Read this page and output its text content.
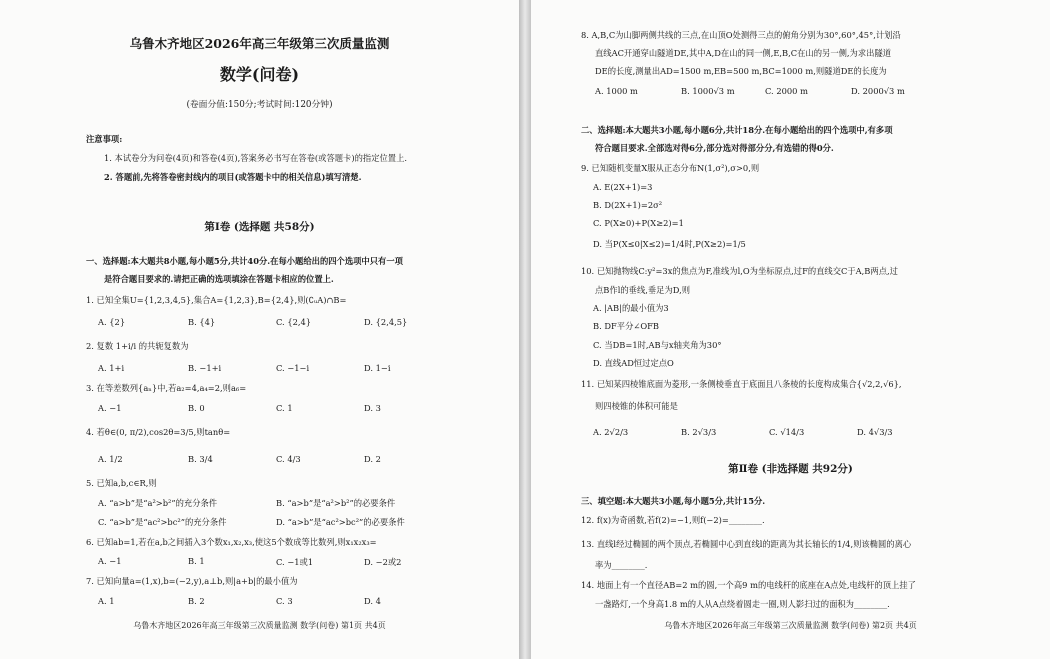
乌鲁木齐地区2026年高三年级第三次质量监测
数学(问卷)
(卷面分值:150分;考试时间:120分钟)
注意事项:
1. 本试卷分为问卷(4页)和答卷(4页),答案务必书写在答卷(或答题卡)的指定位置上.
2. 答题前,先将答卷密封线内的项目(或答题卡中的相关信息)填写清楚.
第Ⅰ卷 (选择题 共58分)
一、选择题:本大题共8小题,每小题5分,共计40分.在每小题给出的四个选项中只有一项
是符合题目要求的.请把正确的选项填涂在答题卡相应的位置上.
1. 已知全集U={1,2,3,4,5},集合A={1,2,3},B={2,4},则(∁ᵤA)∩B=
A. {2}	B. {4}	C. {2,4}	D. {2,4,5}
2. 复数 1+i/i 的共轭复数为
A. 1+i	B. −1+i	C. −1−i	D. 1−i
3. 在等差数列{aₙ}中,若a₂=4,a₄=2,则a₆=
A. −1	B. 0	C. 1	D. 3
4. 若θ∈(0, π/2),cos2θ=3/5,则tanθ=
A. 1/2	B. 3/4	C. 4/3	D. 2
5. 已知a,b,c∈R,则
A. “a>b”是“a²>b²”的充分条件	B. “a>b”是“a²>b²”的必要条件
C. “a>b”是“ac²>bc²”的充分条件	D. “a>b”是“ac²>bc²”的必要条件
6. 已知ab=1,若在a,b之间插入3个数x₁,x₂,x₃,使这5个数成等比数列,则x₁x₂x₃=
A. −1	B. 1	C. −1或1	D. −2或2
7. 已知向量a=(1,x),b=(−2,y),a⊥b,则|a+b|的最小值为
A. 1	B. 2	C. 3	D. 4
乌鲁木齐地区2026年高三年级第三次质量监测 数学(问卷) 第1页 共4页
8. A,B,C为山脚两侧共线的三点,在山顶O处测得三点的俯角分别为30°,60°,45°,计划沿
直线AC开通穿山隧道DE,其中A,D在山的同一侧,E,B,C在山的另一侧,为求出隧道
DE的长度,测量出AD=1500 m,EB=500 m,BC=1000 m,则隧道DE的长度为
A. 1000 m	B. 1000√3 m	C. 2000 m	D. 2000√3 m
二、选择题:本大题共3小题,每小题6分,共计18分.在每小题给出的四个选项中,有多项
符合题目要求.全部选对得6分,部分选对得部分分,有选错的得0分.
9. 已知随机变量X服从正态分布N(1,σ²),σ>0,则
A. E(2X+1)=3
B. D(2X+1)=2σ²
C. P(X≥0)+P(X≥2)=1
D. 当P(X≤0|X≤2)=1/4时,P(X≥2)=1/5
10. 已知抛物线C:y²=3x的焦点为F,准线为l,O为坐标原点,过F的直线交C于A,B两点,过
点B作l的垂线,垂足为D,则
A. |AB|的最小值为3
B. DF平分∠OFB
C. 当DB=1时,AB与x轴夹角为30°
D. 直线AD恒过定点O
11. 已知某四棱锥底面为菱形,一条侧棱垂直于底面且八条棱的长度构成集合{√2,2,√6},
则四棱锥的体积可能是
A. 2√2/3	B. 2√3/3	C. √14/3	D. 4√3/3
第Ⅱ卷 (非选择题 共92分)
三、填空题:本大题共3小题,每小题5分,共计15分.
12. f(x)为奇函数,若f(2)=−1,则f(−2)=________.
13. 直线l经过椭圆的两个顶点,若椭圆中心到直线l的距离为其长轴长的1/4,则该椭圆的离心
率为________.
14. 地面上有一个直径AB=2 m的圆,一个高9 m的电线杆的底座在A点处,电线杆的顶上挂了
一盏路灯,一个身高1.8 m的人从A点绕着圆走一圈,则人影扫过的面积为________.
乌鲁木齐地区2026年高三年级第三次质量监测 数学(问卷) 第2页 共4页
